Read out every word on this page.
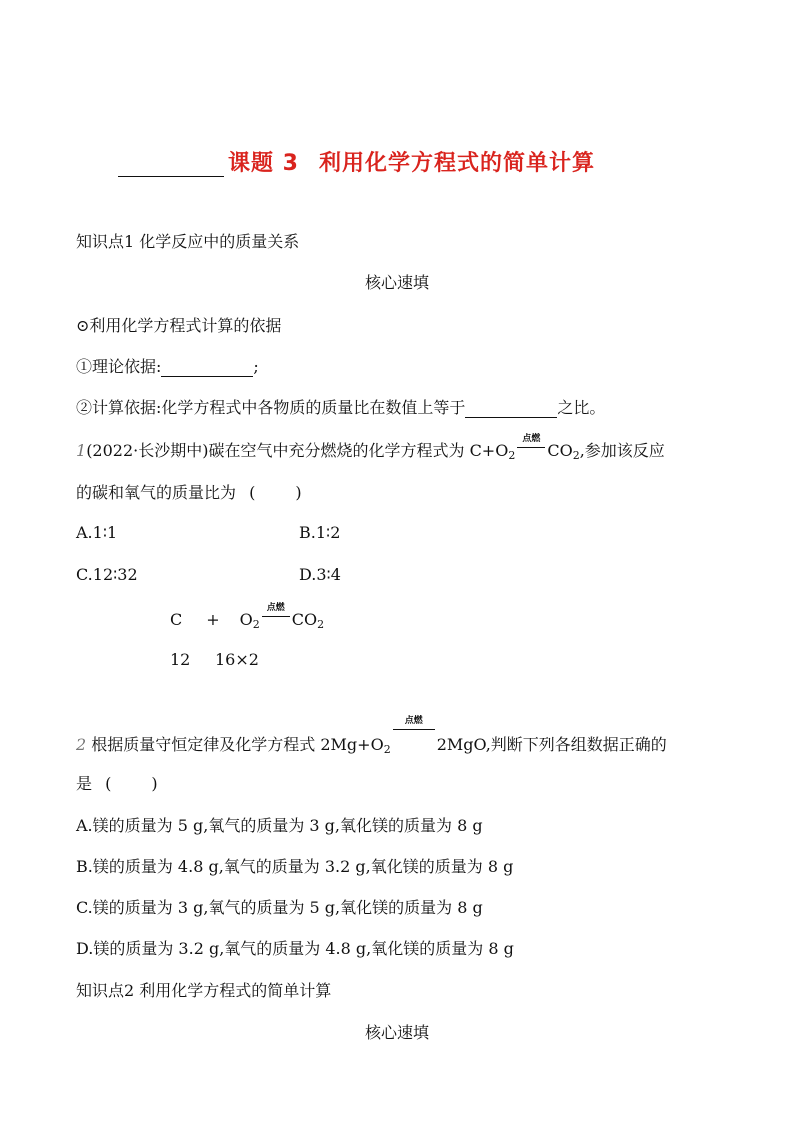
课题 3 利用化学方程式的简单计算
知识点1 化学反应中的质量关系
核心速填
⊙利用化学方程式计算的依据
①理论依据:	;
②计算依据:化学方程式中各物质的质量比在数值上等于	之比。
1(2022·长沙期中)碳在空气中充分燃烧的化学方程式为 $C+O_2$
点燃
$CO_2$,参加该反应
的碳和氧气的质量比为 (	)
A.1∶1	B.1∶2
C.12∶32	D.3∶4
$C + O_2$
点燃
$CO_2$
12 16×2
2 根据质量守恒定律及化学方程式 $2Mg+O_2$
点燃
2MgO,判断下列各组数据正确的
是 (	)
A.镁的质量为 5 g,氧气的质量为 3 g,氧化镁的质量为 8 g
B.镁的质量为 4.8 g,氧气的质量为 3.2 g,氧化镁的质量为 8 g
C.镁的质量为 3 g,氧气的质量为 5 g,氧化镁的质量为 8 g
D.镁的质量为 3.2 g,氧气的质量为 4.8 g,氧化镁的质量为 8 g
知识点2 利用化学方程式的简单计算
核心速填
